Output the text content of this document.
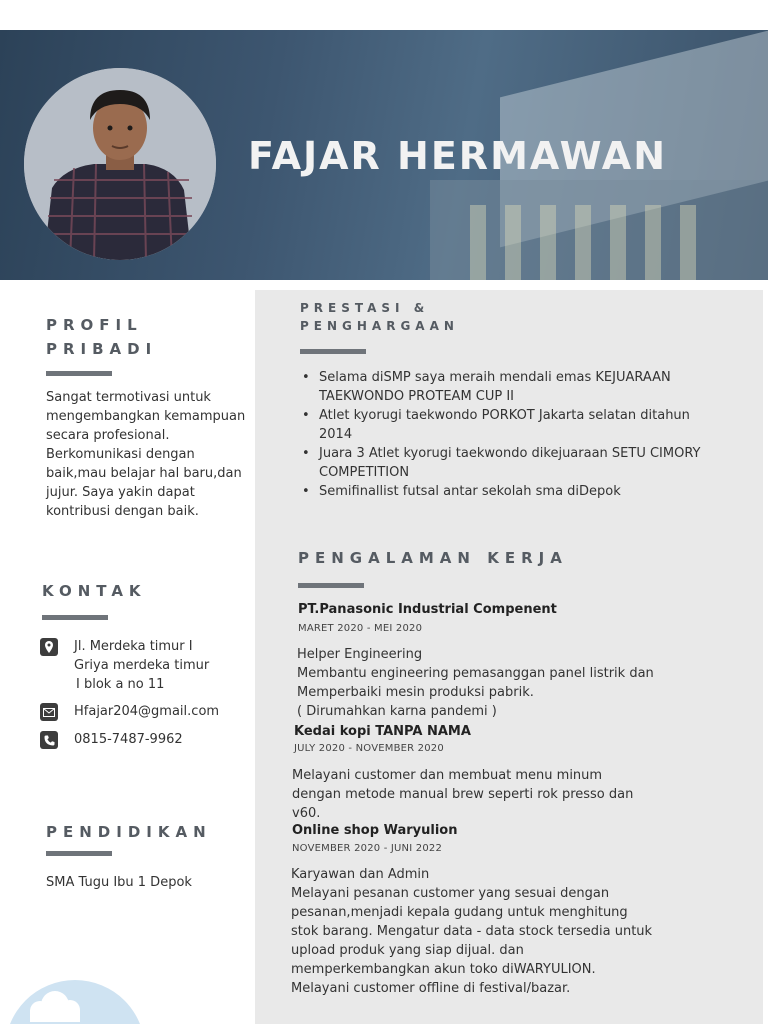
FAJAR HERMAWAN
PROFIL
PRIBADI
Sangat termotivasi untuk mengembangkan kemampuan secara profesional. Berkomunikasi dengan baik,mau belajar hal baru,dan jujur. Saya yakin dapat kontribusi dengan baik.
KONTAK
Jl. Merdeka timur I
Griya merdeka timur
I blok a no 11
Hfajar204@gmail.com
0815-7487-9962
PENDIDIKAN
SMA Tugu Ibu 1 Depok
PRESTASI &
PENGHARGAAN
• Selama diSMP saya meraih mendali emas KEJUARAAN TAEKWONDO PROTEAM CUP II
• Atlet kyorugi taekwondo PORKOT Jakarta selatan ditahun 2014
• Juara 3 Atlet kyorugi taekwondo dikejuaraan SETU CIMORY COMPETITION
• Semifinallist futsal antar sekolah sma diDepok
PENGALAMAN KERJA
PT.Panasonic Industrial Compenent
MARET 2020 - MEI 2020
Helper Engineering
Membantu engineering pemasanggan panel listrik dan
Memperbaiki mesin produksi pabrik.
( Dirumahkan karna pandemi )
Kedai kopi TANPA NAMA
JULY 2020 - NOVEMBER 2020
Melayani customer dan membuat menu minum
dengan metode manual brew seperti rok presso dan
v60.
Online shop Waryulion
NOVEMBER 2020 - JUNI 2022
Karyawan dan Admin
Melayani pesanan customer yang sesuai dengan
pesanan,menjadi kepala gudang untuk menghitung
stok barang. Mengatur data - data stock tersedia untuk
upload produk yang siap dijual. dan
memperkembangkan akun toko diWARYULION.
Melayani customer offline di festival/bazar.
